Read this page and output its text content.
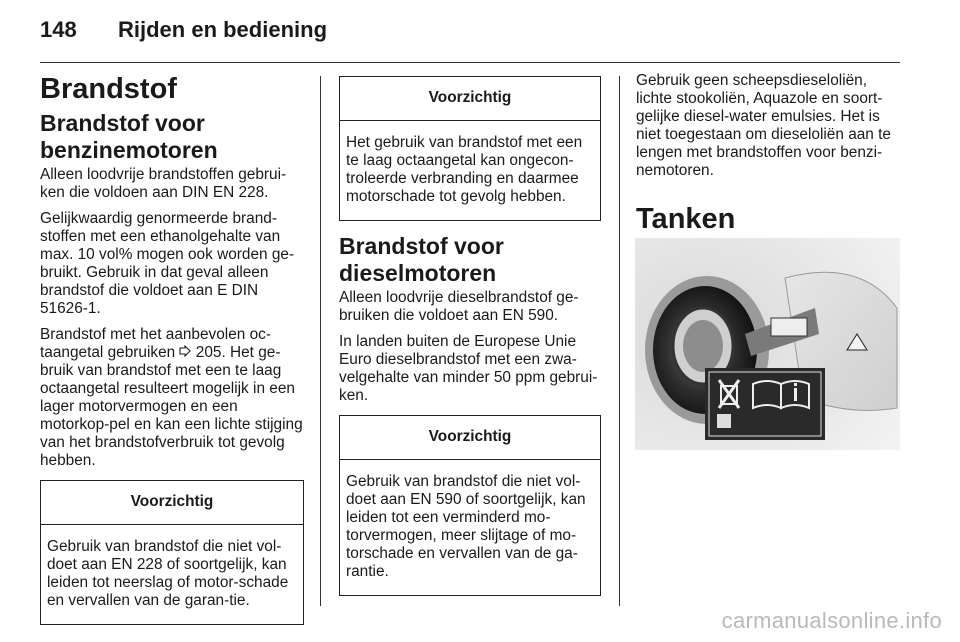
148 Rijden en bediening
Brandstof
Brandstof voor benzinemotoren

Alleen loodvrije brandstoffen gebrui-ken die voldoen aan DIN EN 228.

Gelijkwaardig genormeerde brand-stoffen met een ethanolgehalte van max. 10 vol% mogen ook worden ge-bruikt. Gebruik in dat geval alleen brandstof die voldoet aan E DIN 51626-1.

Brandstof met het aanbevolen oc-taangetal gebruiken 205. Het ge-bruik van brandstof met een te laag octaangetal resulteert mogelijk in een lager motorvermogen en een motorkop-pel en kan een lichte stijging van het brandstofverbruik tot gevolg hebben.

Voorzichtig
Gebruik van brandstof die niet vol-doet aan EN 228 of soortgelijk, kan leiden tot neerslag of motor-schade en vervallen van de garan-tie.
Voorzichtig
Het gebruik van brandstof met een te laag octaangetal kan ongecon-troleerde verbranding en daarmee motorschade tot gevolg hebben.
Brandstof voor dieselmotoren

Alleen loodvrije dieselbrandstof ge-bruiken die voldoet aan EN 590.

In landen buiten de Europese Unie Euro dieselbrandstof met een zwa-velgehalte van minder 50 ppm gebrui-ken.

Voorzichtig
Gebruik van brandstof die niet vol-doet aan EN 590 of soortgelijk, kan leiden tot een verminderd mo-torvermogen, meer slijtage of mo-torschade en vervallen van de ga-rantie.

Gebruik geen scheepsdieseloliën, lichte stookoliën, Aquazole en soort-gelijke diesel-water emulsies. Het is niet toegestaan om dieseloliën aan te lengen met brandstoffen voor benzi-nemotoren.

Tanken
carmanualsonline.info
